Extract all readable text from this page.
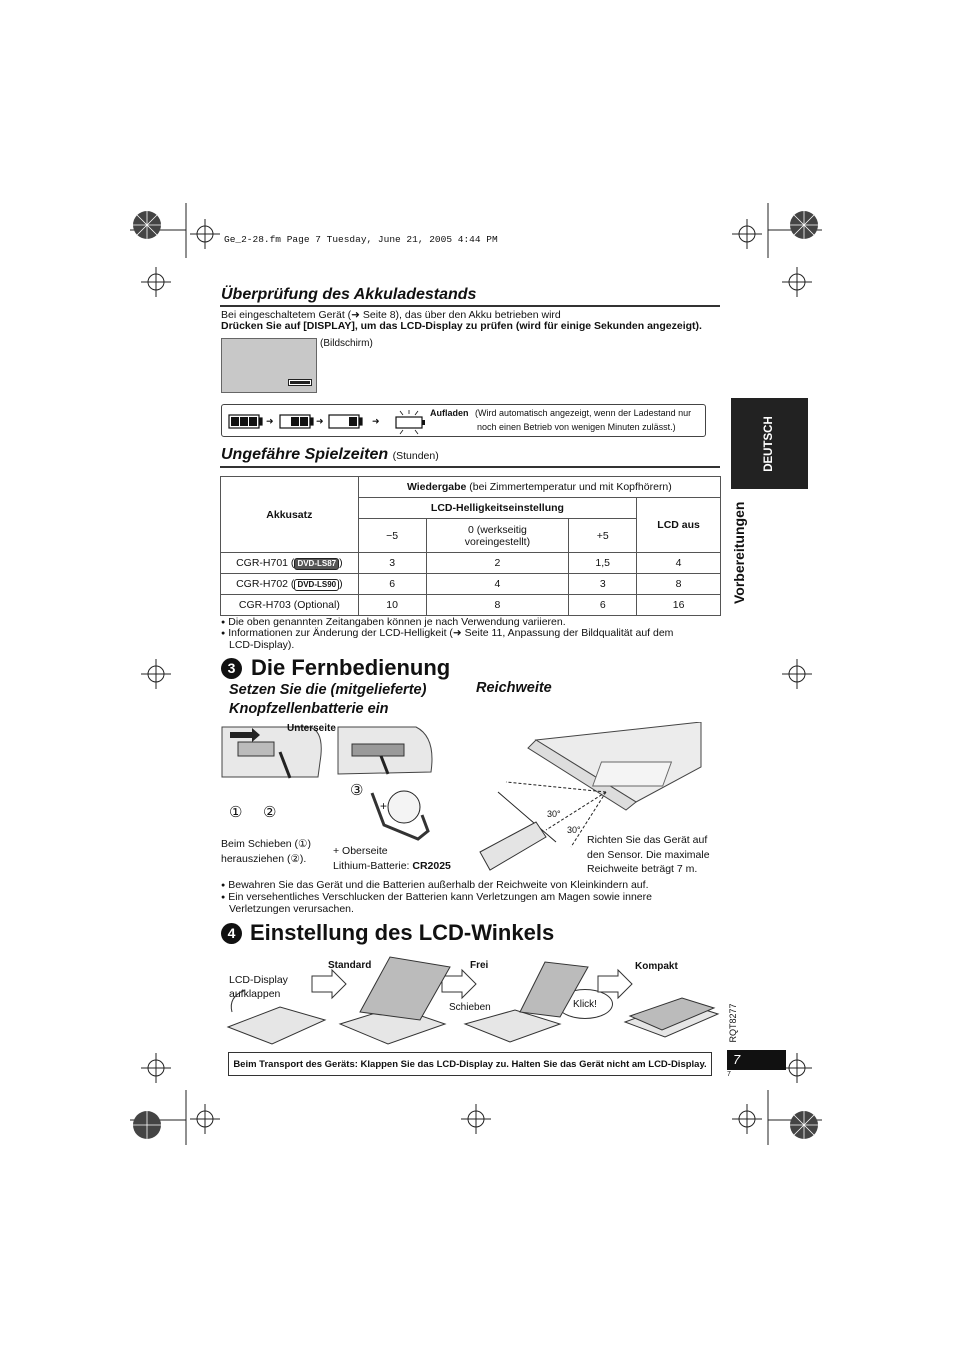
Ge_2-28.fm Page 7 Tuesday, June 21, 2005 4:44 PM
Überprüfung des Akkuladestands
Bei eingeschaltetem Gerät (➜ Seite 8), das über den Akku betrieben wird
Drücken Sie auf [DISPLAY], um das LCD-Display zu prüfen (wird für einige Sekunden angezeigt).
(Bildschirm)
➜	➜	➜
Aufladen (Wird automatisch angezeigt, wenn der Ladestand nur
noch einen Betrieb von wenigen Minuten zulässt.)
Ungefähre Spielzeiten (Stunden)
Akkusatz	Wiedergabe (bei Zimmertemperatur und mit Kopfhörern)			
	LCD-Helligkeitseinstellung			LCD aus
	−5	0 (werkseitig
voreingestellt)	+5	
CGR-H701 ( DVD-LS87 )	3	2	1,5	4
CGR-H702 ( DVD-LS90 )	6	4	3	8
CGR-H703 (Optional)	10	8	6	16
● Die oben genannten Zeitangaben können je nach Verwendung variieren.
● Informationen zur Änderung der LCD-Helligkeit (➜ Seite 11, Anpassung der Bildqualität auf dem
LCD-Display).
3 Die Fernbedienung
Setzen Sie die (mitgelieferte)
Knopfzellenbatterie ein
Reichweite
Unterseite
① ②
③
+
Beim Schieben (①)
herausziehen (②).
+ Oberseite
Lithium-Batterie: CR2025
30°
30°
Richten Sie das Gerät auf
den Sensor. Die maximale
Reichweite beträgt 7 m.
● Bewahren Sie das Gerät und die Batterien außerhalb der Reichweite von Kleinkindern auf.
● Ein versehentliches Verschlucken der Batterien kann Verletzungen am Magen sowie innere
Verletzungen verursachen.
4 Einstellung des LCD-Winkels
LCD-Display
aufklappen
Standard	Frei	Kompakt
Schieben	Klick!
Beim Transport des Geräts: Klappen Sie das LCD-Display zu. Halten Sie das Gerät nicht am LCD-Display.
DEUTSCH
Vorbereitungen
RQT8277
7
7
